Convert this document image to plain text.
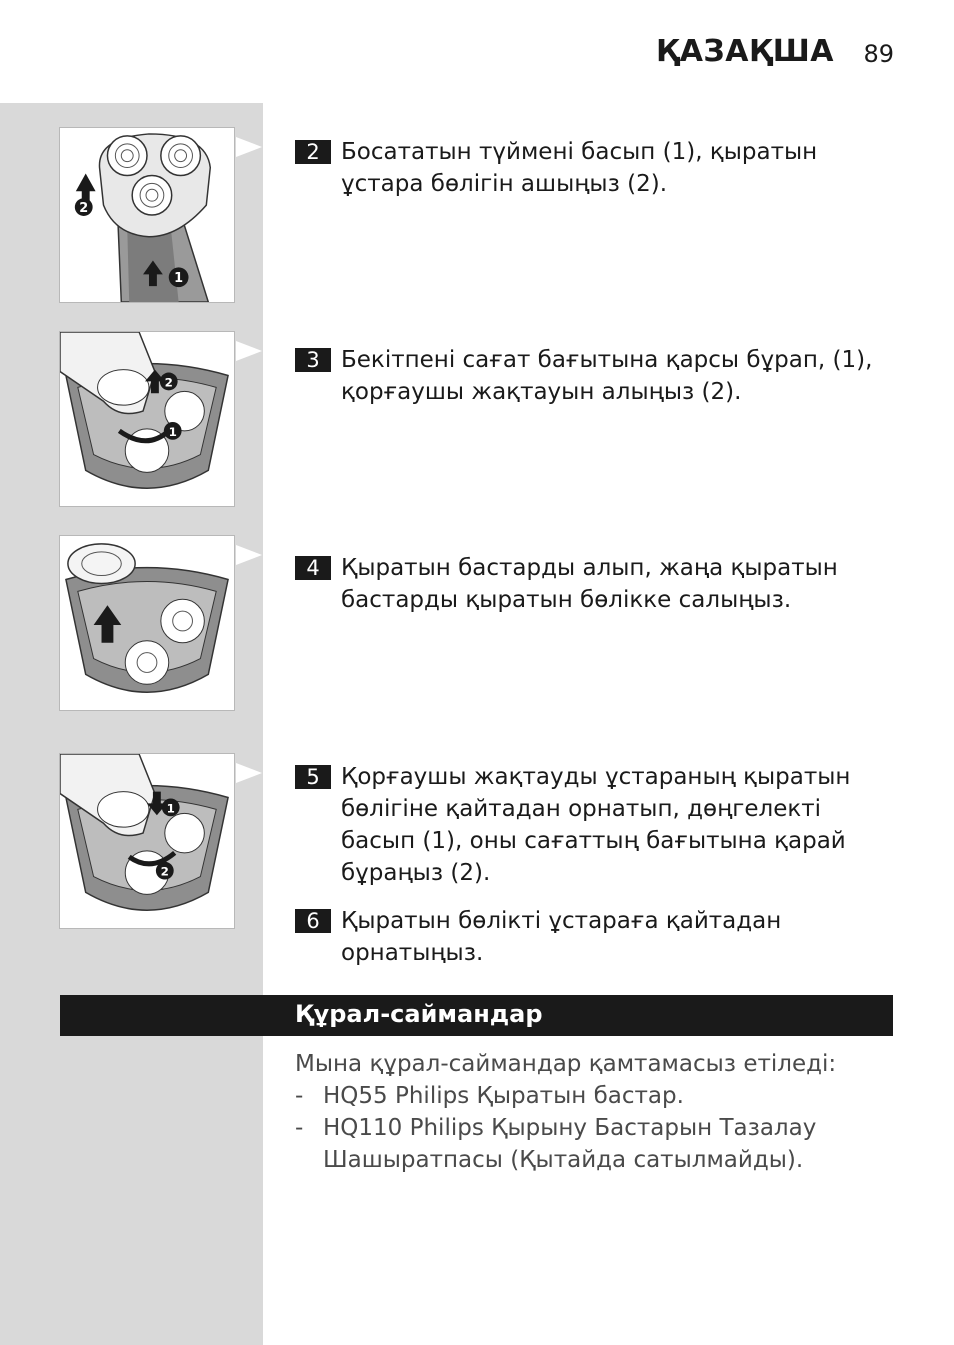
ҚАЗАҚША 89
2
1
2
1
1
2
2 Босататын түймені басып (1), қыратын ұстара бөлігін ашыңыз (2).
3 Бекітпені сағат бағытына қарсы бұрап, (1), қорғаушы жақтауын алыңыз (2).
4 Қыратын бастарды алып, жаңа қыратын бастарды қыратын бөлікке салыңыз.
5 Қорғаушы жақтауды ұстараның қыратын бөлігіне қайтадан орнатып, дөңгелекті басып (1), оны сағаттың бағытына қарай бұраңыз (2).
6 Қыратын бөлікті ұстараға қайтадан орнатыңыз.
Құрал-саймандар
Мына құрал-саймандар қамтамасыз етіледі:
- HQ55 Philips Қыратын бастар.
- HQ110 Philips Қырыну Бастарын Тазалау Шашыратпасы (Қытайда сатылмайды).
